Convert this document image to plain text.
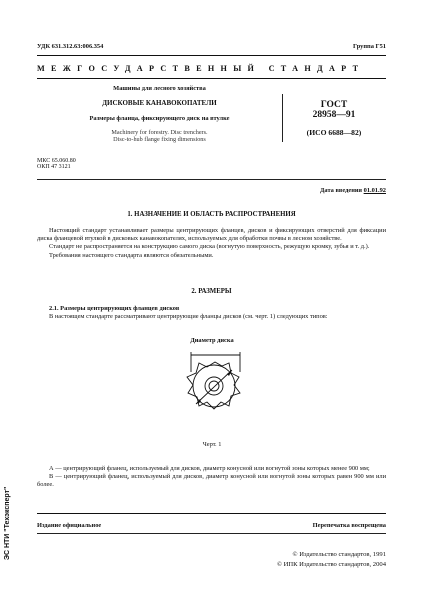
УДК 631.312.63:006.354	Группа Г51
МЕЖГОСУДАРСТВЕННЫЙ СТАНДАРТ
Машины для лесного хозяйства
ДИСКОВЫЕ КАНАВОКОПАТЕЛИ
Размеры фланца, фиксирующего диск на втулке
Machinery for forestry. Disc trenchers.
Disc-to-hub flange fixing dimensions
ГОСТ
28958—91
(ИСО 6688—82)
МКС 65.060.80
ОКП 47 3121
Дата введения 01.01.92
1. НАЗНАЧЕНИЕ И ОБЛАСТЬ РАСПРОСТРАНЕНИЯ
Настоящий стандарт устанавливает размеры центрирующих фланцев, дисков и фиксирующих отверстий для фиксации диска фланцевой втулкой в дисковых канавокопателях, используемых для обработки почвы в лесном хозяйстве.
Стандарт не распространяется на конструкцию самого диска (вогнутую поверхность, режущую кромку, зубья и т. д.).
Требования настоящего стандарта являются обязательными.
2. РАЗМЕРЫ
2.1. Размеры центрирующих фланцев дисков
В настоящем стандарте рассматривают центрирующие фланцы дисков (см. черт. 1) следующих типов:
Диаметр диска
Черт. 1
А — центрирующий фланец, используемый для дисков, диаметр конусной или вогнутой зоны которых менее 900 мм;
В — центрирующий фланец, используемый для дисков, диаметр конусной или вогнутой зоны которых равен 900 мм или более.
Издание официальное	Перепечатка воспрещена
© Издательство стандартов, 1991
© ИПК Издательство стандартов, 2004
ЭС НТИ "Техэксперт"
